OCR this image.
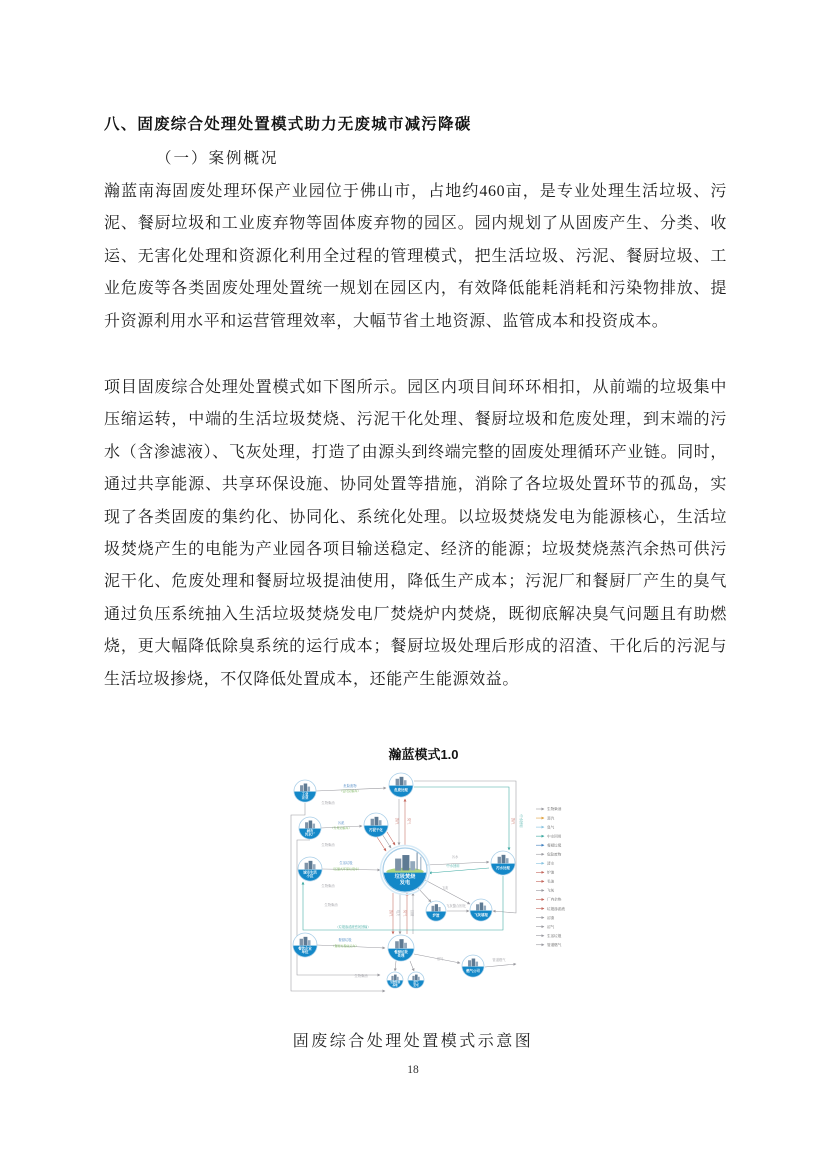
八、固废综合处理处置模式助力无废城市减污降碳
（一）案例概况

瀚蓝南海固废处理环保产业园位于佛山市，占地约460亩，是专业处理生活垃圾、污泥、餐厨垃圾和工业废弃物等固体废弃物的园区。园内规划了从固废产生、分类、收运、无害化处理和资源化利用全过程的管理模式，把生活垃圾、污泥、餐厨垃圾、工业危废等各类固废处理处置统一规划在园区内，有效降低能耗消耗和污染物排放、提升资源利用水平和运营管理效率，大幅节省土地资源、监管成本和投资成本。

项目固废综合处理处置模式如下图所示。园区内项目间环环相扣，从前端的垃圾集中压缩运转，中端的生活垃圾焚烧、污泥干化处理、餐厨垃圾和危废处理，到末端的污水（含渗滤液）、飞灰处理，打造了由源头到终端完整的固废处理循环产业链。同时，通过共享能源、共享环保设施、协同处置等措施，消除了各垃圾处置环节的孤岛，实现了各类固废的集约化、协同化、系统化处理。以垃圾焚烧发电为能源核心，生活垃圾焚烧产生的电能为产业园各项目输送稳定、经济的能源；垃圾焚烧蒸汽余热可供污泥干化、危废处理和餐厨垃圾提油使用，降低生产成本；污泥厂和餐厨厂产生的臭气通过负压系统抽入生活垃圾焚烧发电厂焚烧炉内焚烧，既彻底解决臭气问题且有助燃烧，更大幅降低除臭系统的运行成本；餐厨垃圾处理后形成的沼渣、干化后的污泥与生活垃圾掺烧，不仅降低处置成本，还能产生能源效益。

瀚蓝模式1.0
工业
企业
城市
污水厂
城市生活
小区
餐饮企业
单位
危废处理
污泥干化
垃圾焚烧
发电
污水处理
炉渣	飞灰填埋
餐厨垃圾
处理
生物柴油
基地
沼气
发电
燃气公司
危险废物
（密闭运输车）
生物柴油
污泥
（专用运输车）
生物柴油
生活垃圾
（压缩式环保垃圾车）
生物柴油
生物柴油
（垃圾渗滤液密闭回输）
餐厨垃圾
（餐厨垃圾收运车）
生物柴油
蒸汽	臭气
蒸汽 电力 臭气 沼渣
污水
中水回用
飞灰
飞灰螯合固化
沼气	管道燃气
中水回用
蒸汽
生物柴油
蒸汽
臭气
中水回用
餐厨垃圾
危险废物
清水
炉渣
毛油
飞灰
厂内余热
垃圾渗滤液
沼渣
沼气
生活垃圾
管道燃气
固废综合处理处置模式示意图
18
